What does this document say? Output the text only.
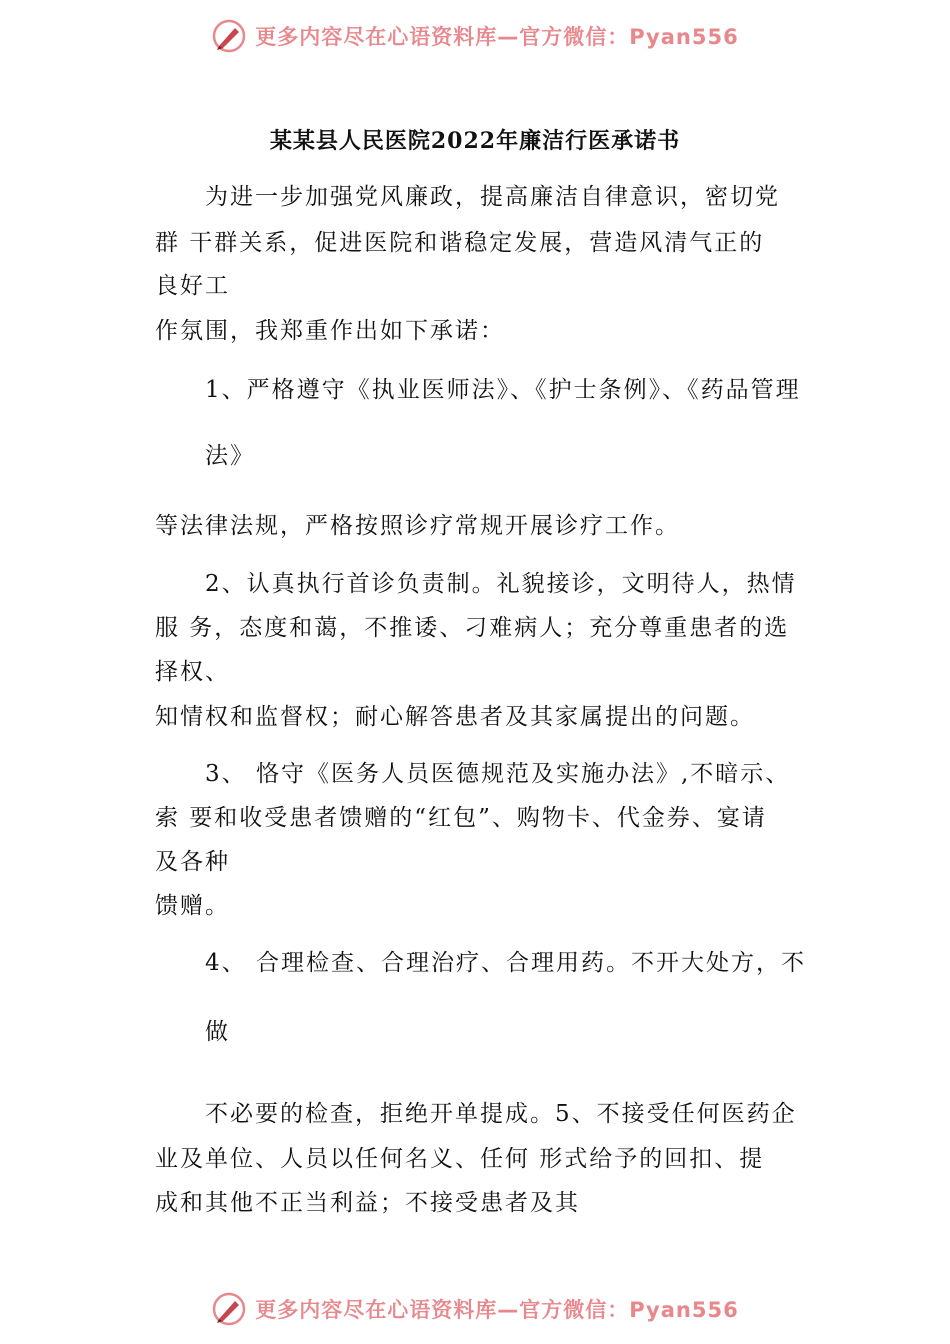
更多内容尽在心语资料库—官方微信：Pyan556
某某县人民医院2022年廉洁行医承诺书
为进一步加强党风廉政，提高廉洁自律意识，密切党
群 干群关系，促进医院和谐稳定发展，营造风清气正的
良好工
作氛围，我郑重作出如下承诺：
1、严格遵守《执业医师法》、《护士条例》、《药品管理
法》
等法律法规，严格按照诊疗常规开展诊疗工作。
2、认真执行首诊负责制。礼貌接诊，文明待人，热情
服 务，态度和蔼，不推诿、刁难病人；充分尊重患者的选
择权、
知情权和监督权；耐心解答患者及其家属提出的问题。
3、 恪守《医务人员医德规范及实施办法》,不暗示、
索 要和收受患者馈赠的“红包”、购物卡、代金券、宴请
及各种
馈赠。
4、 合理检查、合理治疗、合理用药。不开大处方，不
做
不必要的检查，拒绝开单提成。5、不接受任何医药企
业及单位、人员以任何名义、任何 形式给予的回扣、提
成和其他不正当利益；不接受患者及其
更多内容尽在心语资料库—官方微信：Pyan556
